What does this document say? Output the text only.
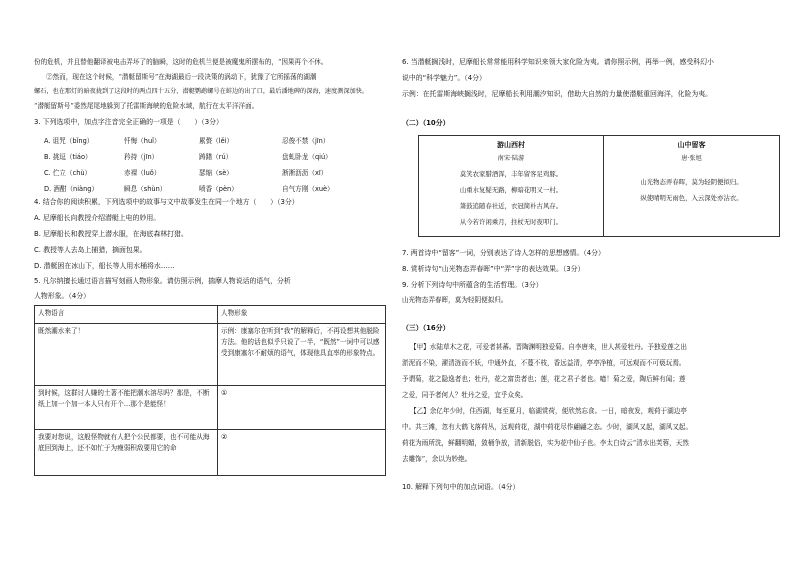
份的危机，并且替他翻译被电击弄坏了的脑瞬，这时的危机兰便是被魔鬼所摆布的，“因果再个不休。
②然而，现在这个时候，“潜艇留斯号”在海湖最后一段决策的涡动下，犹豫了它所摇荡的湖潮
螺石，也在那灯的暗夜拢到了这段时的两点四十五分，潜艇鹦鹉螺号在蚌边的出了口，最后潘地碑的深海，速度测深加快。
“潜艇留斯号”委然尾尾地躲到了托雷斯海峡的危险水域，航行在太平洋洋面。
3. 下列选项中，加点字注音完全正确的一项是（　　）（3分）
A. 诅咒（bǐng）	忏悔（huǐ）	累赘（lěi）	忍俊不禁（jīn）
B. 挑逗（tiáo）	矜持（jīn）	踌躇（rú）	盘虬卧龙（qiú）
C. 伫立（chù）	赤裸（luǒ）	瑟缩（sè）	淅淅沥沥（xī）
D. 酒酣（niàng）	瞬息（shùn）	喷香（pèn）	自气方刚（xuè）
4. 结合你的阅读积累，下列选项中的故事与文中故事发生在同一个地方（　　）（3分）
A. 尼摩船长向教授介绍潜艇上电的妙用。
B. 尼摩船长和教授穿上潜水服，在海底森林打猎。
C. 教授等人去岛上捕猎，摘面包果。
D. 潜艇困在冰山下，船长等人用水桶将水……
5. 凡尔纳擅长通过语言描写刻画人物形象。请仿照示例，揣摩人物说话的语气，分析
人物形象。（4分）
人物语言	人物形象
既然潮水来了！	示例：康塞尔在听到“我”的解释后，不再设想其他脱险方法。他的话也似乎只说了一半，“既然”一词中可以感受到康塞尔不耐烦的语气，体现他具直率的形象特点。
到时候，这群讨人嫌的土著不能把潮水溶尽吗？那是，不断纸上加一个加一本人只有开个…那个是能怪！	①
我要对您说，这般怪物就有人把个公民都要，也不可能从海底回到海上，还不如忙于为瘦弱积敌要用它的命	②
6. 当潜艇搁浅时，尼摩船长常常能用科学知识来领大家化险为夷。请你照示例，再举一例，感受科幻小
说中的“科学魅力”。（4分）
示例：在托雷斯海峡搁浅时，尼摩船长利用潮汐知识，借助大自然的力量使潜艇重回海洋，化险为夷。
（二）（10分）
游山西村
南宋·陆游
莫笑农家腊酒浑，丰年留客足鸡豚。
山重水复疑无路，柳暗花明又一村。
箫鼓追随春社近，衣冠简朴古风存。
从今若许闲乘月，拄杖无时夜叩门。

山中留客
唐·张旭
山光物态弄春晖，莫为轻阴便拟归。
纵使晴明无雨色，入云深处亦沾衣。
7. 两首诗中“留客”一词，分别表达了诗人怎样的思想感情。（4分）
8. 赏析诗句“山光物态弄春晖”中“弄”字的表达效果。（3分）
9. 分析下列诗句中所蕴含的生活哲理。（3分）
山光物态弄春晖，莫为轻阴便拟归。
（三）（16分）
【甲】水陆草木之花，可爱者甚蕃。晋陶渊明独爱菊。自李唐来，世人甚爱牡丹。予独爱莲之出
淤泥而不染，濯清涟而不妖，中通外直，不蔓不枝，香远益清，亭亭净植，可远观而不可亵玩焉。
予谓菊，花之隐逸者也；牡丹，花之富贵者也；莲，花之君子者也。噫！菊之爱，陶后鲜有闻；莲
之爱，同予者何人？牡丹之爱，宜乎众矣。
【乙】余亿年少时，住西湖，每至夏月，临湖赏荷，便欣然忘食。一日，暗夜发，观荷于湖边亭
中。共三滩，忽有大鹤飞落荷丛，远观荷花，湖中荷花尽作翩翩之态。少时，湖风又起，湖风又起。
荷花为雨所洗，鲜翻明媚，敛桶争放，清新脱俗，实为花中仙子也。李太白诗云“清水出芙蓉，天然
去雕饰”，余以为妙绝。
10. 解释下列句中的加点词语。（4分）
